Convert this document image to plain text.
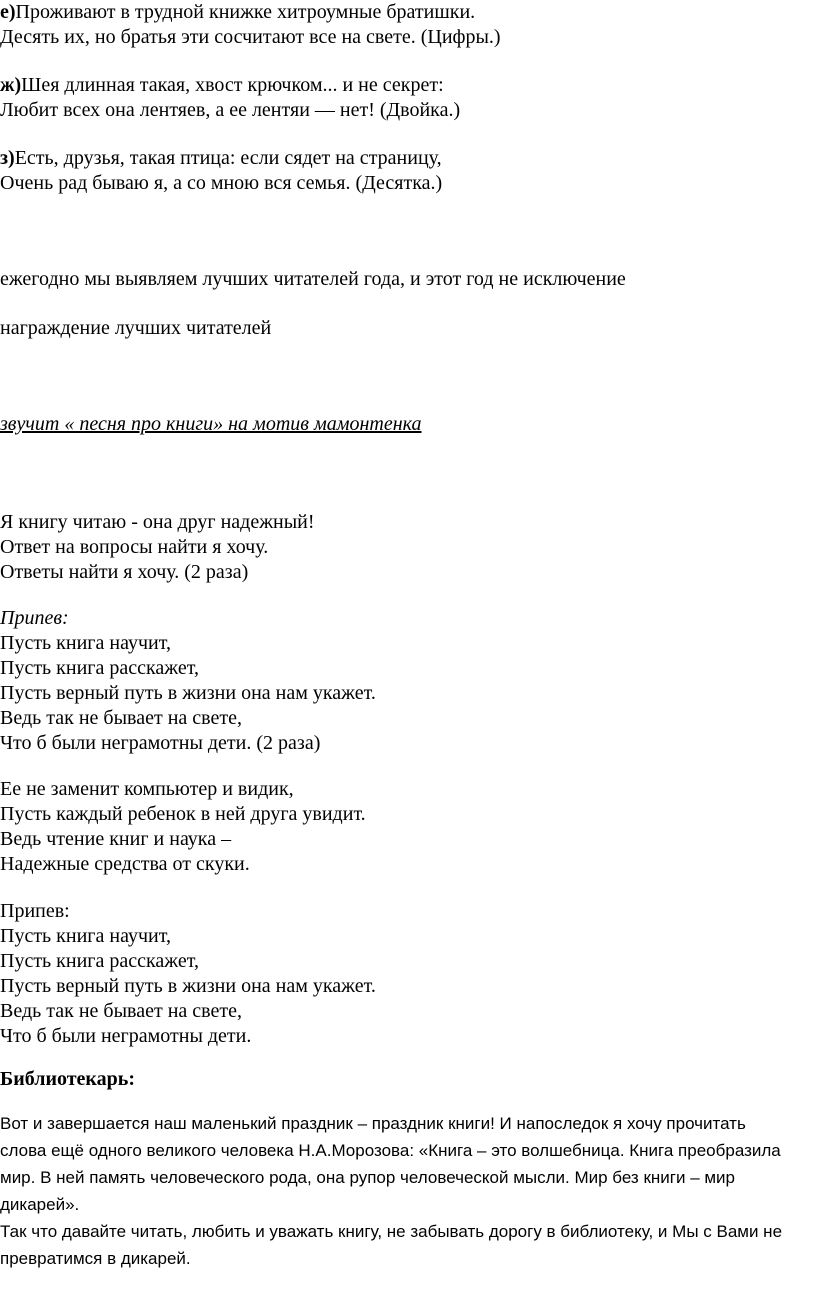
е)Проживают в трудной книжке хитроумные братишки.
Десять их, но братья эти сосчитают все на свете. (Цифры.)
ж)Шея длинная такая, хвост крючком... и не секрет:
Любит всех она лентяев, а ее лентяи — нет! (Двойка.)
з)Есть, друзья, такая птица: если сядет на страницу,
Очень рад бываю я, а со мною вся семья. (Десятка.)
ежегодно мы выявляем лучших читателей года, и этот год не исключение
награждение лучших читателей
звучит « песня про книги» на мотив мамонтенка
Я книгу читаю - она друг надежный!
Ответ на вопросы найти я хочу.
Ответы найти я хочу. (2 раза)
Припев:
Пусть книга научит,
Пусть книга расскажет,
Пусть верный путь в жизни она нам укажет.
Ведь так не бывает на свете,
Что б были неграмотны дети. (2 раза)
Ее не заменит компьютер и видик,
Пусть каждый ребенок в ней друга увидит.
Ведь чтение книг и наука –
Надежные средства от скуки.
Припев:
Пусть книга научит,
Пусть книга расскажет,
Пусть верный путь в жизни она нам укажет.
Ведь так не бывает на свете,
Что б были неграмотны дети.
Библиотекарь:
Вот и завершается наш маленький праздник – праздник книги! И напоследок я хочу прочитать
слова ещё одного великого человека Н.А.Морозова: «Книга – это волшебница. Книга преобразила
мир. В ней память человеческого рода, она рупор человеческой мысли. Мир без книги – мир
дикарей».
Так что давайте читать, любить и уважать книгу, не забывать дорогу в библиотеку, и Мы с Вами не
превратимся в дикарей.
